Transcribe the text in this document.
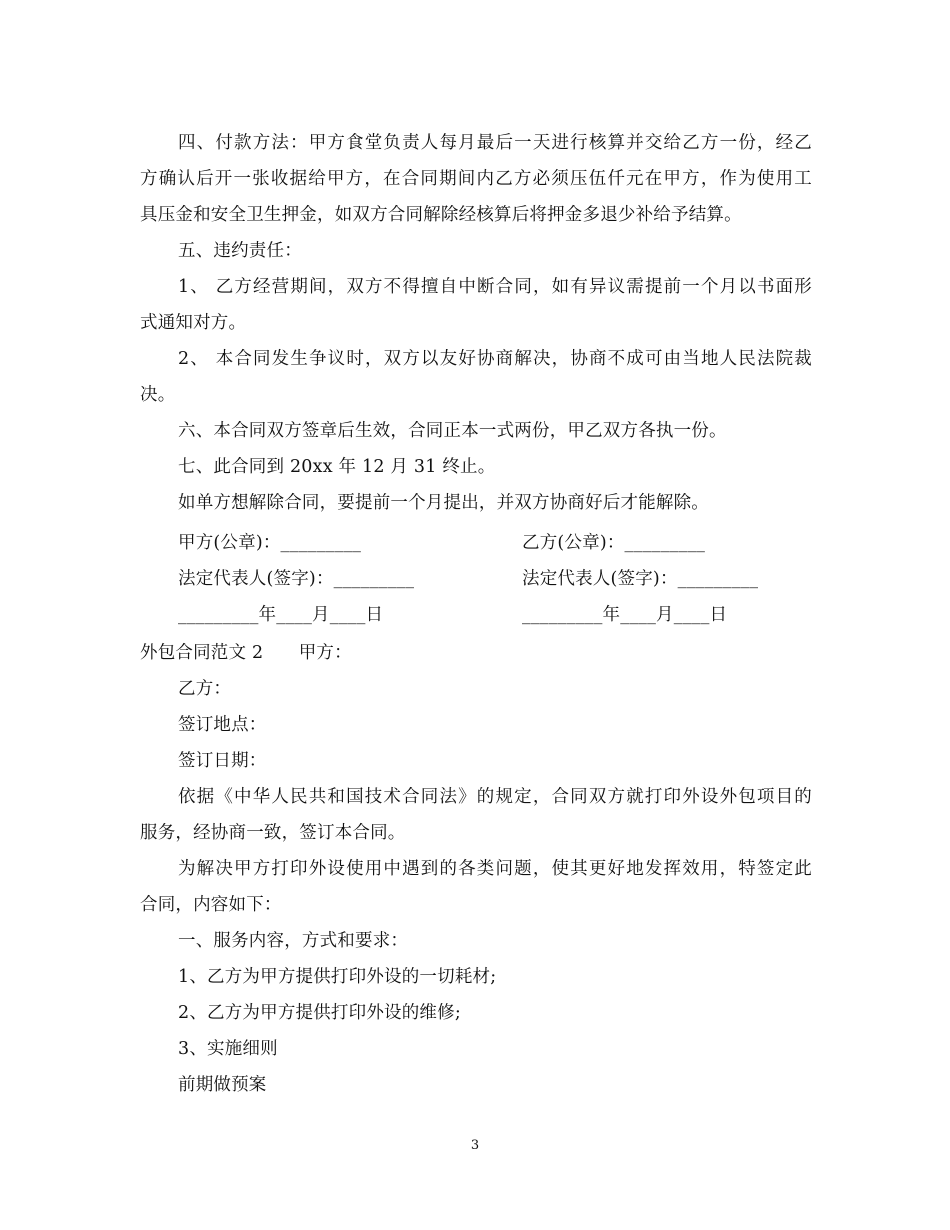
四、付款方法：甲方食堂负责人每月最后一天进行核算并交给乙方一份，经乙
方确认后开一张收据给甲方，在合同期间内乙方必须压伍仟元在甲方，作为使用工
具压金和安全卫生押金，如双方合同解除经核算后将押金多退少补给予结算。
五、违约责任：
1、 乙方经营期间，双方不得擅自中断合同，如有异议需提前一个月以书面形
式通知对方。
2、 本合同发生争议时，双方以友好协商解决，协商不成可由当地人民法院裁
决。
六、本合同双方签章后生效，合同正本一式两份，甲乙双方各执一份。
七、此合同到 20xx 年 12 月 31 终止。
如单方想解除合同，要提前一个月提出，并双方协商好后才能解除。
甲方(公章)：_________	乙方(公章)：_________
法定代表人(签字)：_________	法定代表人(签字)：_________
_________年____月____日	_________年____月____日
外包合同范文 2　　甲方：
乙方：
签订地点：
签订日期：
依据《中华人民共和国技术合同法》的规定，合同双方就打印外设外包项目的
服务，经协商一致，签订本合同。
为解决甲方打印外设使用中遇到的各类问题，使其更好地发挥效用，特签定此
合同，内容如下：
一、服务内容，方式和要求：
1、乙方为甲方提供打印外设的一切耗材;
2、乙方为甲方提供打印外设的维修;
3、实施细则
前期做预案
3
